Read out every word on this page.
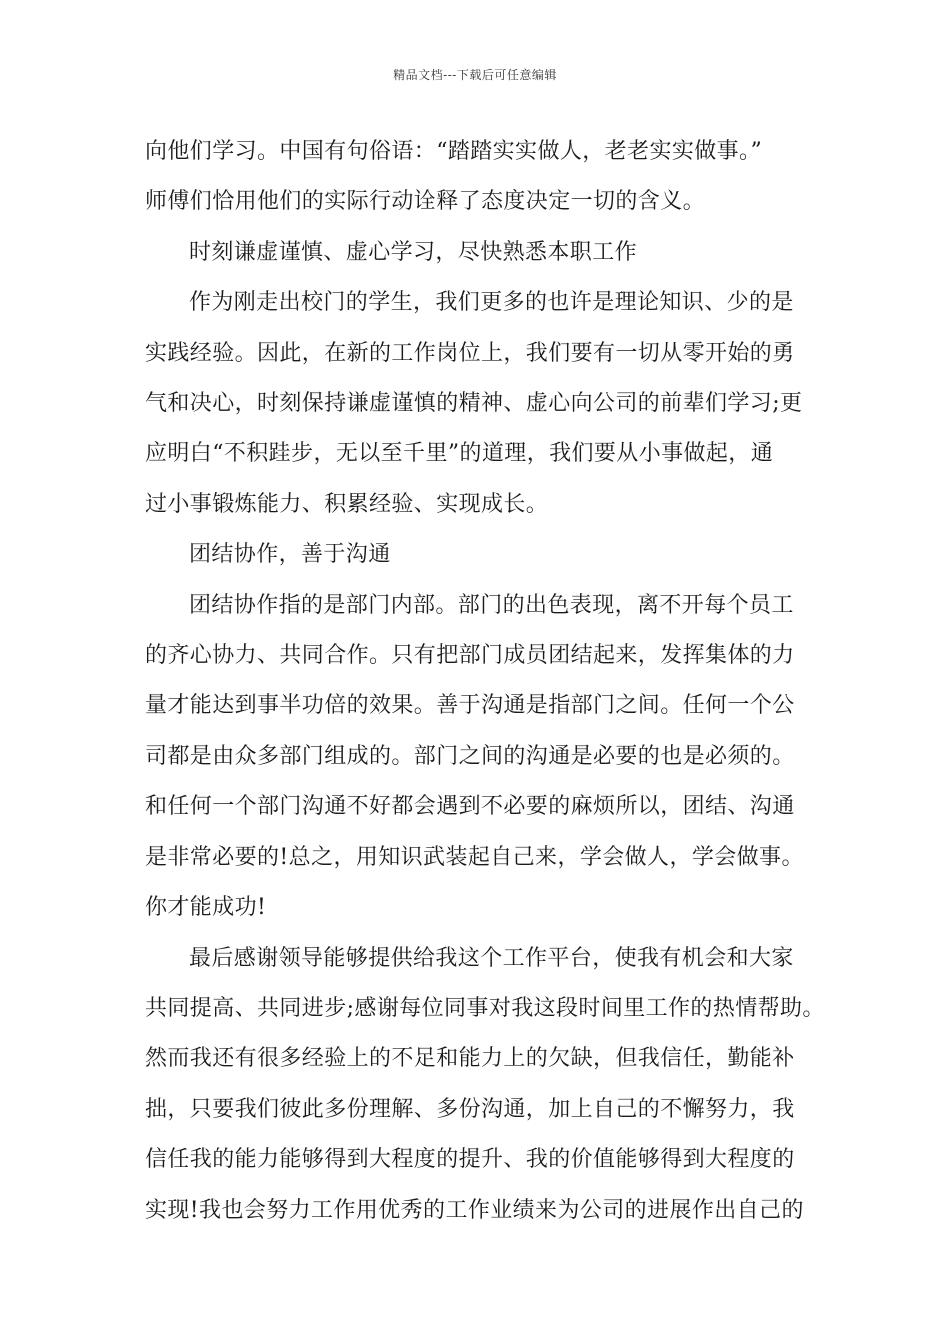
精品文档---下载后可任意编辑
向他们学习。中国有句俗语：“踏踏实实做人，老老实实做事。”
师傅们恰用他们的实际行动诠释了态度决定一切的含义。
时刻谦虚谨慎、虚心学习，尽快熟悉本职工作
作为刚走出校门的学生，我们更多的也许是理论知识、少的是
实践经验。因此，在新的工作岗位上，我们要有一切从零开始的勇
气和决心，时刻保持谦虚谨慎的精神、虚心向公司的前辈们学习;更
应明白“不积跬步，无以至千里”的道理，我们要从小事做起，通
过小事锻炼能力、积累经验、实现成长。
团结协作，善于沟通
团结协作指的是部门内部。部门的出色表现，离不开每个员工
的齐心协力、共同合作。只有把部门成员团结起来，发挥集体的力
量才能达到事半功倍的效果。善于沟通是指部门之间。任何一个公
司都是由众多部门组成的。部门之间的沟通是必要的也是必须的。
和任何一个部门沟通不好都会遇到不必要的麻烦所以，团结、沟通
是非常必要的!总之，用知识武装起自己来，学会做人，学会做事。
你才能成功!
最后感谢领导能够提供给我这个工作平台，使我有机会和大家
共同提高、共同进步;感谢每位同事对我这段时间里工作的热情帮助。
然而我还有很多经验上的不足和能力上的欠缺，但我信任，勤能补
拙，只要我们彼此多份理解、多份沟通，加上自己的不懈努力，我
信任我的能力能够得到大程度的提升、我的价值能够得到大程度的
实现!我也会努力工作用优秀的工作业绩来为公司的进展作出自己的
